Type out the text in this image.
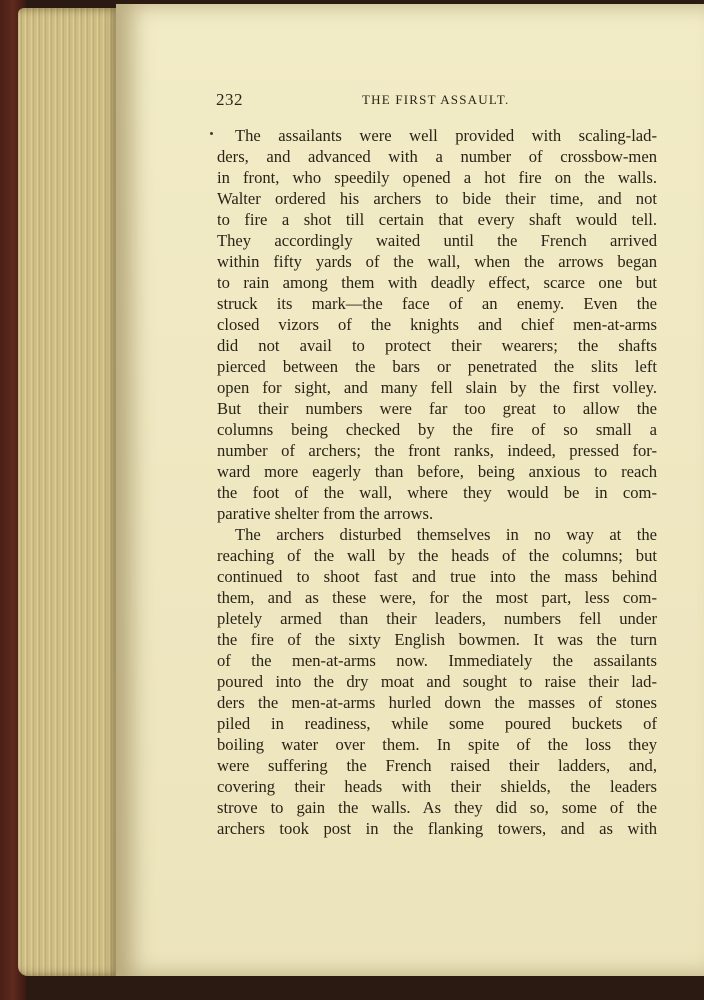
232	THE FIRST ASSAULT.
The assailants were well provided with scaling-lad-
ders, and advanced with a number of crossbow-men
in front, who speedily opened a hot fire on the walls.
Walter ordered his archers to bide their time, and not
to fire a shot till certain that every shaft would tell.
They accordingly waited until the French arrived
within fifty yards of the wall, when the arrows began
to rain among them with deadly effect, scarce one but
struck its mark—the face of an enemy. Even the
closed vizors of the knights and chief men-at-arms
did not avail to protect their wearers; the shafts
pierced between the bars or penetrated the slits left
open for sight, and many fell slain by the first volley.
But their numbers were far too great to allow the
columns being checked by the fire of so small a
number of archers; the front ranks, indeed, pressed for-
ward more eagerly than before, being anxious to reach
the foot of the wall, where they would be in com-
parative shelter from the arrows.
The archers disturbed themselves in no way at the
reaching of the wall by the heads of the columns; but
continued to shoot fast and true into the mass behind
them, and as these were, for the most part, less com-
pletely armed than their leaders, numbers fell under
the fire of the sixty English bowmen. It was the turn
of the men-at-arms now. Immediately the assailants
poured into the dry moat and sought to raise their lad-
ders the men-at-arms hurled down the masses of stones
piled in readiness, while some poured buckets of
boiling water over them. In spite of the loss they
were suffering the French raised their ladders, and,
covering their heads with their shields, the leaders
strove to gain the walls. As they did so, some of the
archers took post in the flanking towers, and as with
